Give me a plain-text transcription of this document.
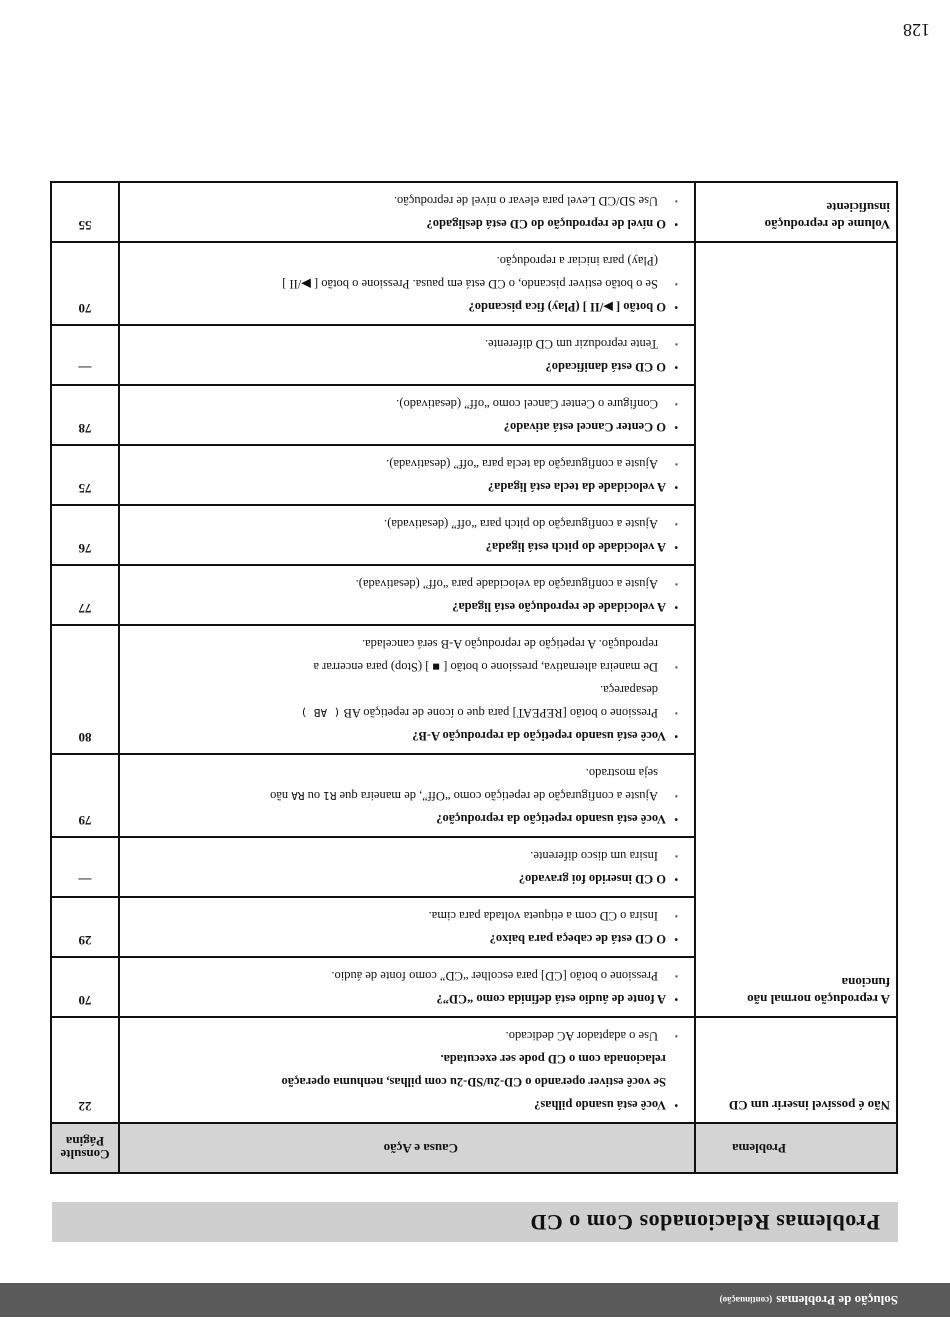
Solução de Problemas
(continuação)
Problemas Relacionados Com o CD
Problema	Causa e Ação	Consulte
Página

Não é possível inserir um CD	• Você está usando pilhas?
Se você estiver operando o CD-2u/SD-2u com pilhas, nenhuma operação
relacionada com o CD pode ser executada.
• Use o adaptador AC dedicado.	22
A reprodução normal não funciona	• A fonte de áudio está definida como “CD”?
• Pressione o botão [CD] para escolher “CD” como fonte de áudio.	70

	• O CD está de cabeça para baixo?
• Insira o CD com a etiqueta voltada para cima.	29

	• O CD inserido foi gravado?
• Insira um disco diferente.	—

	• Você está usando repetição da reprodução?
• Ajuste a configuração de repetição como “Off”, de maneira que R1 ou RA não
seja mostrado.	79

	• Você está usando repetição da reprodução A-B?
• Pressione o botão [REPEAT] para que o ícone de repetição AB ( AB )
desapareça.
• De maneira alternativa, pressione o botão [ ■ ] (Stop) para encerrar a
reprodução. A repetição de reprodução A-B será cancelada.	80

	• A velocidade de reprodução está ligada?
• Ajuste a configuração da velocidade para “off” (desativada).	77

	• A velocidade do pitch está ligada?
• Ajuste a configuração do pitch para “off” (desativada).	76

	• A velocidade da tecla está ligada?
• Ajuste a configuração da tecla para “off” (desativada).	75

	• O Center Cancel está ativado?
• Configure o Center Cancel como “off” (desativado).	78

	• O CD está danificado?
• Tente reproduzir um CD diferente.	—

	• O botão [ ▶/II ] (Play) fica piscando?
• Se o botão estiver piscando, o CD está em pausa. Pressione o botão [ ▶/II ]
(Play) para iniciar a reprodução.	70
Volume de reprodução insuficiente	• O nível de reprodução do CD está desligado?
• Use SD/CD Level para elevar o nível de reprodução.	55
128
